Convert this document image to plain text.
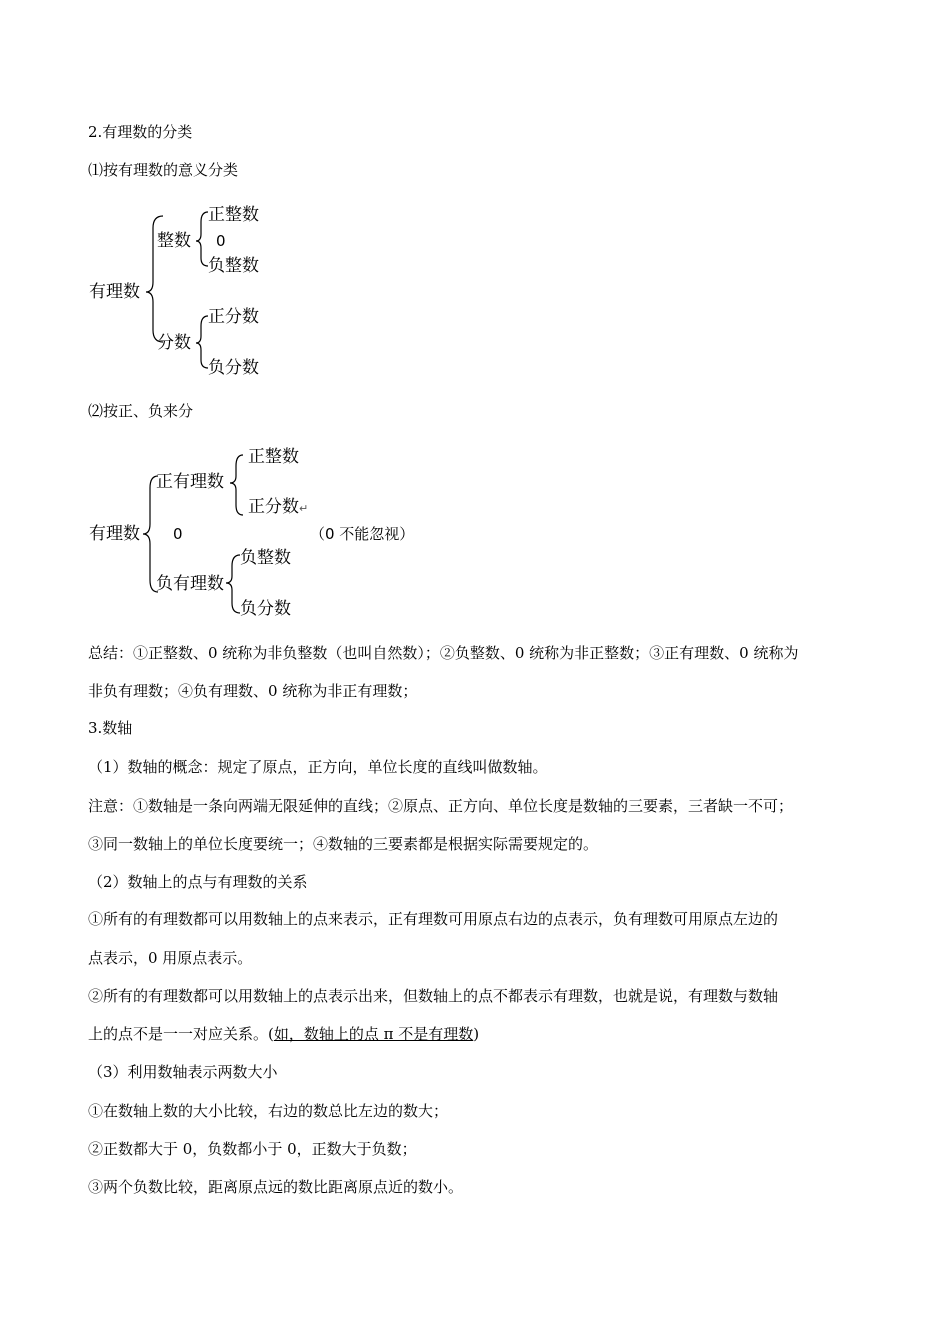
2.有理数的分类
⑴按有理数的意义分类
有理数
整数
正整数
0
负整数
分数
正分数
负分数
⑵按正、负来分
有理数
正有理数
正整数
正分数↵
0	（0 不能忽视）
负有理数
负整数
负分数
总结：①正整数、0 统称为非负整数（也叫自然数）；②负整数、0 统称为非正整数；③正有理数、0 统称为
非负有理数；④负有理数、0 统称为非正有理数；
3.数轴
（1）数轴的概念：规定了原点，正方向，单位长度的直线叫做数轴。
注意：①数轴是一条向两端无限延伸的直线；②原点、正方向、单位长度是数轴的三要素，三者缺一不可；
③同一数轴上的单位长度要统一；④数轴的三要素都是根据实际需要规定的。
（2）数轴上的点与有理数的关系
①所有的有理数都可以用数轴上的点来表示，正有理数可用原点右边的点表示，负有理数可用原点左边的
点表示，0 用原点表示。
②所有的有理数都可以用数轴上的点表示出来，但数轴上的点不都表示有理数，也就是说，有理数与数轴
上的点不是一一对应关系。(如，数轴上的点 π 不是有理数)
（3）利用数轴表示两数大小
①在数轴上数的大小比较，右边的数总比左边的数大；
②正数都大于 0，负数都小于 0，正数大于负数；
③两个负数比较，距离原点远的数比距离原点近的数小。
